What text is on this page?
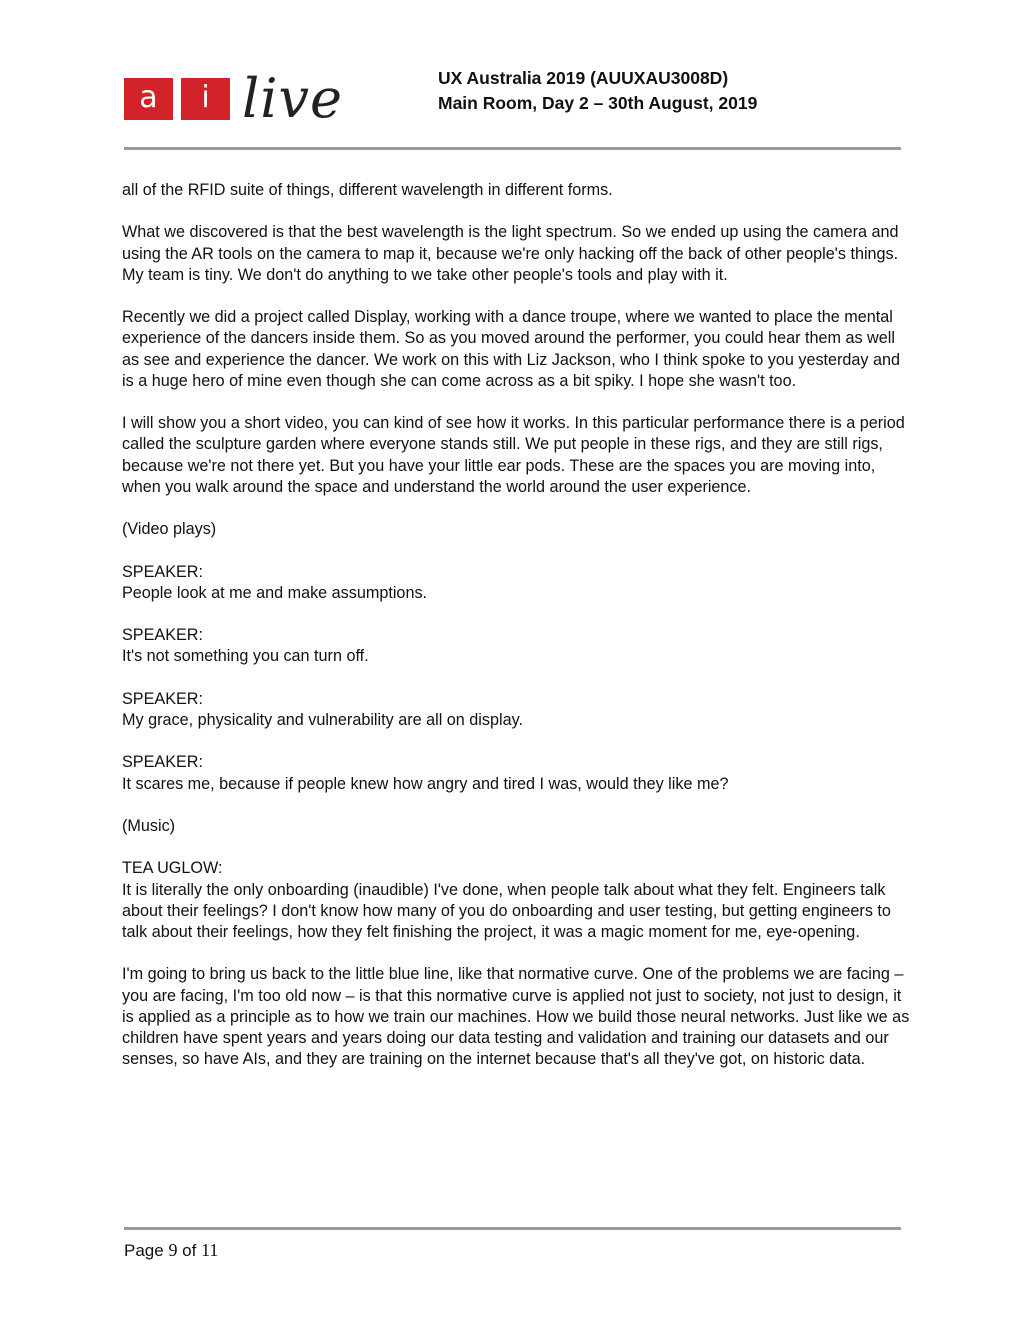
a	i live	UX Australia 2019 (AUUXAU3008D)
Main Room, Day 2 – 30th August, 2019

all of the RFID suite of things, different wavelength in different forms.

What we discovered is that the best wavelength is the light spectrum. So we ended up using the camera and using the AR tools on the camera to map it, because we're only hacking off the back of other people's things. My team is tiny. We don't do anything to we take other people's tools and play with it.

Recently we did a project called Display, working with a dance troupe, where we wanted to place the mental experience of the dancers inside them. So as you moved around the performer, you could hear them as well as see and experience the dancer. We work on this with Liz Jackson, who I think spoke to you yesterday and is a huge hero of mine even though she can come across as a bit spiky. I hope she wasn't too.

I will show you a short video, you can kind of see how it works. In this particular performance there is a period called the sculpture garden where everyone stands still. We put people in these rigs, and they are still rigs, because we're not there yet. But you have your little ear pods. These are the spaces you are moving into, when you walk around the space and understand the world around the user experience.

(Video plays)

SPEAKER:
People look at me and make assumptions.

SPEAKER:
It's not something you can turn off.

SPEAKER:
My grace, physicality and vulnerability are all on display.

SPEAKER:
It scares me, because if people knew how angry and tired I was, would they like me?

(Music)

TEA UGLOW:
It is literally the only onboarding (inaudible) I've done, when people talk about what they felt. Engineers talk about their feelings? I don't know how many of you do onboarding and user testing, but getting engineers to talk about their feelings, how they felt finishing the project, it was a magic moment for me, eye-opening.

I'm going to bring us back to the little blue line, like that normative curve. One of the problems we are facing – you are facing, I'm too old now – is that this normative curve is applied not just to society, not just to design, it is applied as a principle as to how we train our machines. How we build those neural networks. Just like we as children have spent years and years doing our data testing and validation and training our datasets and our senses, so have AIs, and they are training on the internet because that's all they've got, on historic data.

Page 9 of 11
